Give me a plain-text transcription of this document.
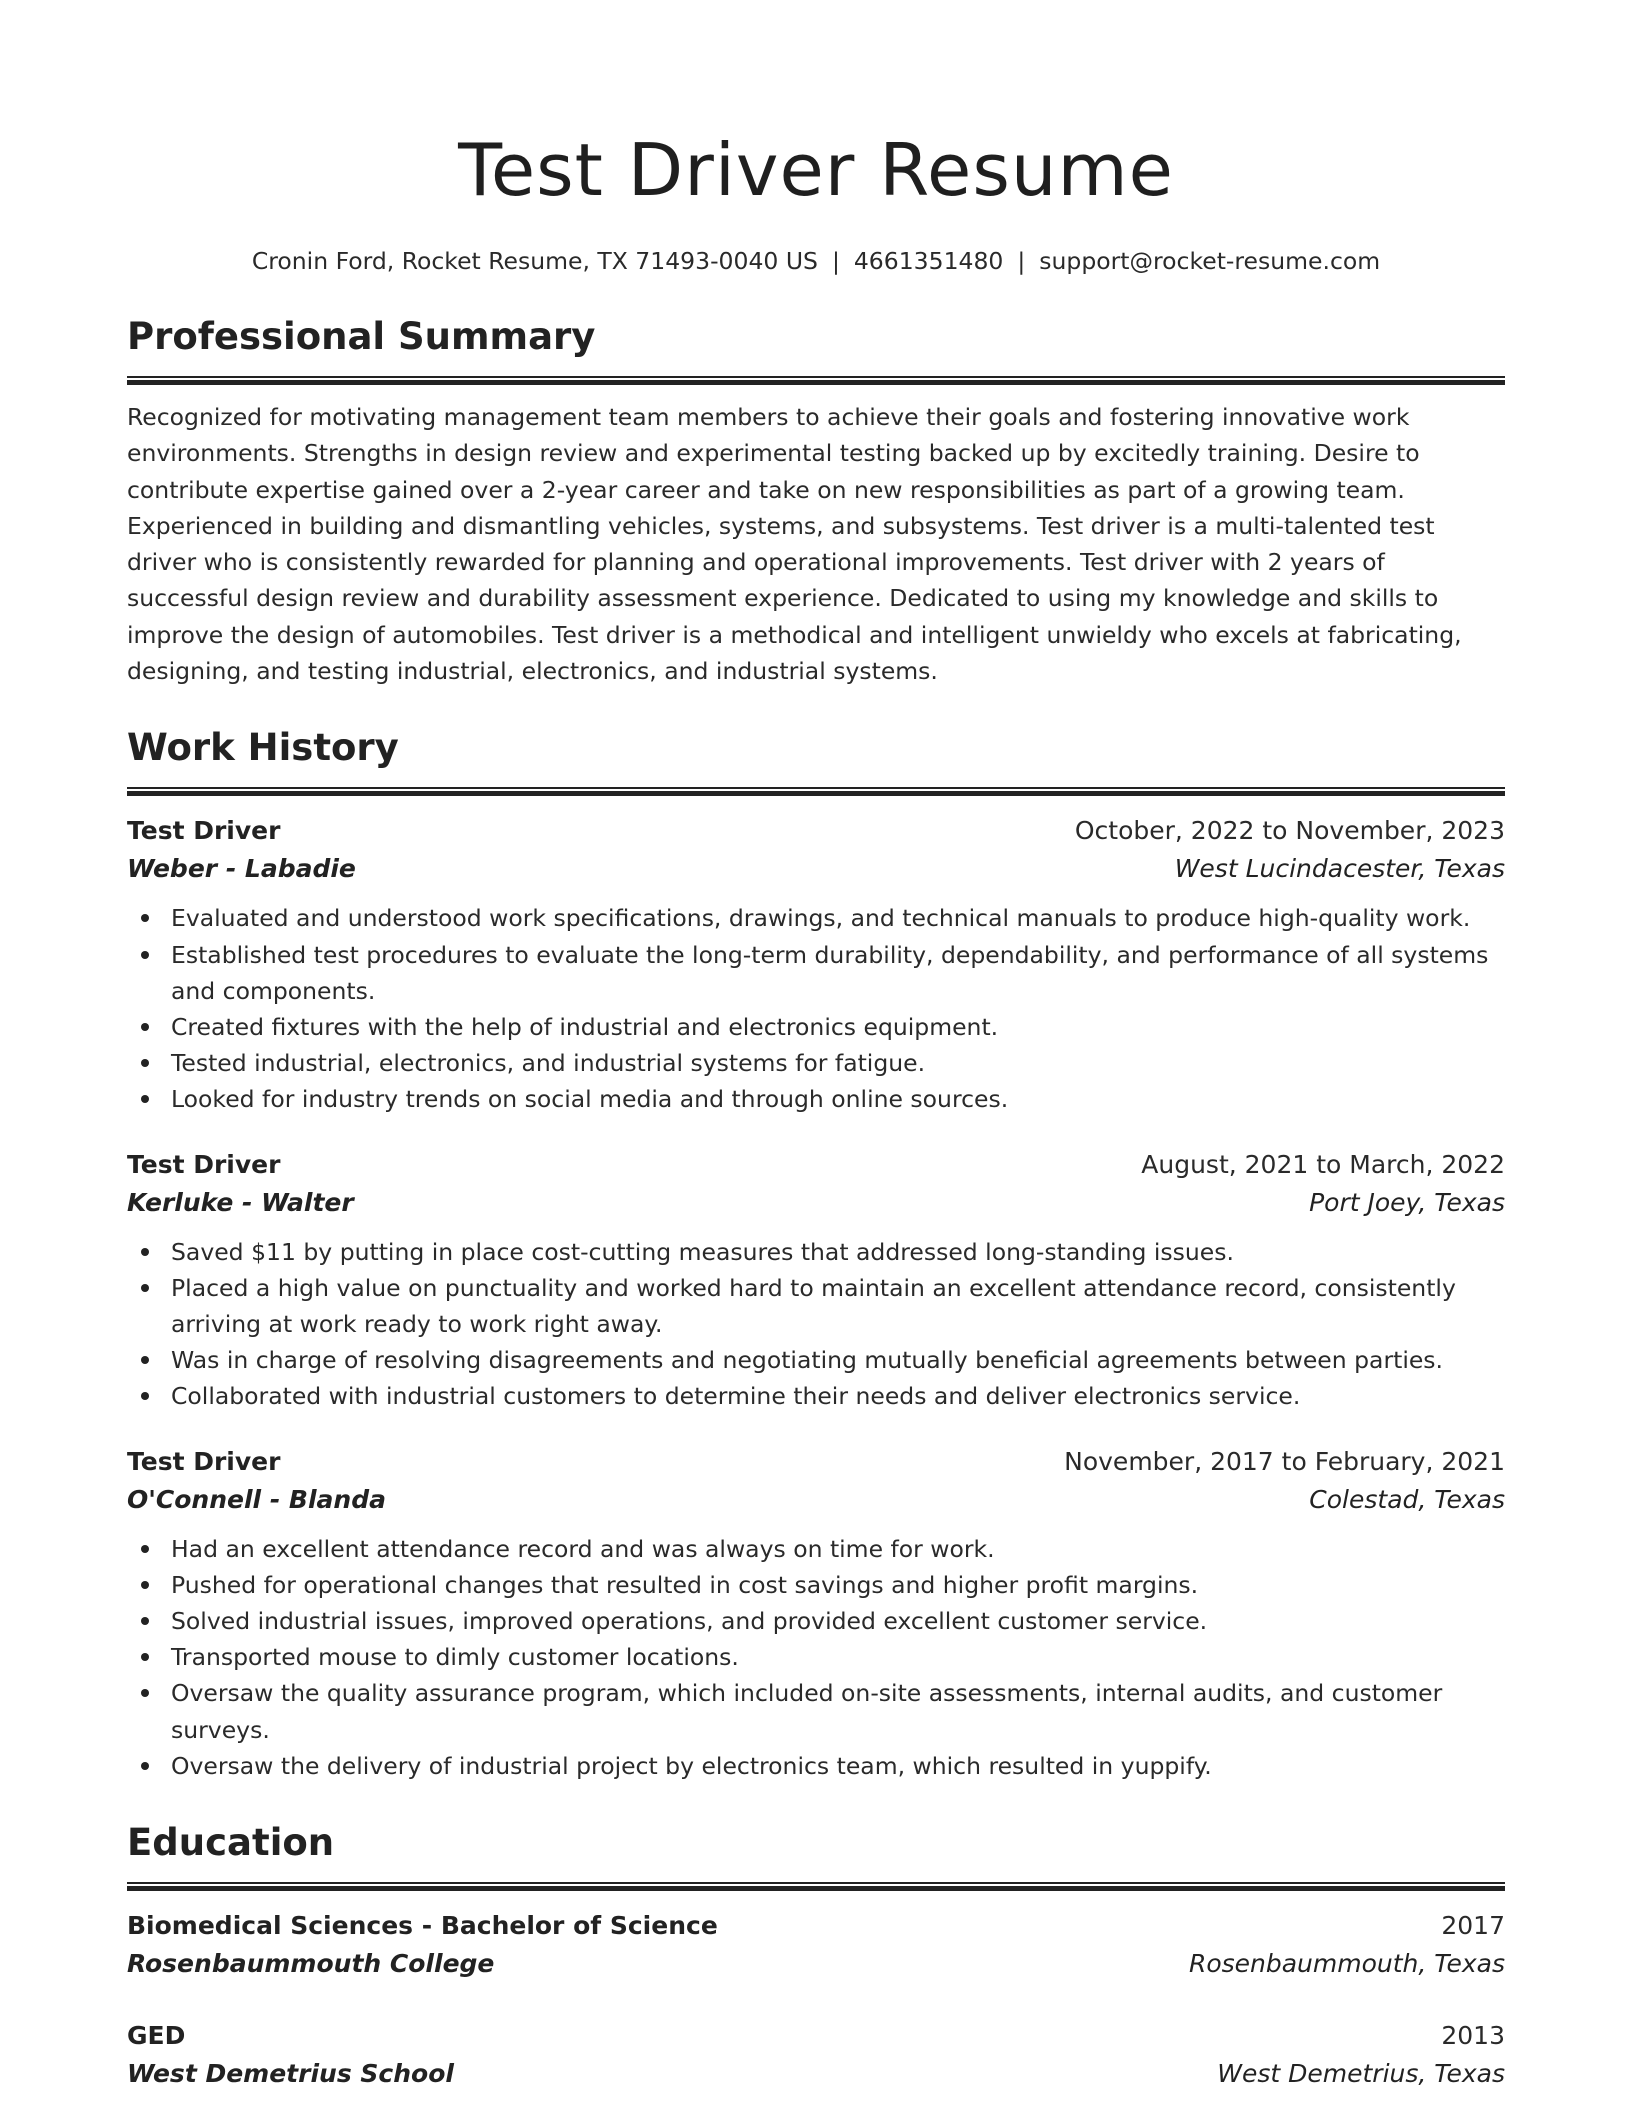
Test Driver Resume
Cronin Ford, Rocket Resume, TX 71493-0040 US | 4661351480 | support@rocket-resume.com
Professional Summary

Recognized for motivating management team members to achieve their goals and fostering innovative work environments. Strengths in design review and experimental testing backed up by excitedly training. Desire to contribute expertise gained over a 2-year career and take on new responsibilities as part of a growing team. Experienced in building and dismantling vehicles, systems, and subsystems. Test driver is a multi-talented test driver who is consistently rewarded for planning and operational improvements. Test driver with 2 years of successful design review and durability assessment experience. Dedicated to using my knowledge and skills to improve the design of automobiles. Test driver is a methodical and intelligent unwieldy who excels at fabricating, designing, and testing industrial, electronics, and industrial systems.

Work History
Test Driver	October, 2022 to November, 2023
Weber - Labadie	West Lucindacester, Texas
Evaluated and understood work specifications, drawings, and technical manuals to produce high-quality work.
Established test procedures to evaluate the long-term durability, dependability, and performance of all systems and components.
Created fixtures with the help of industrial and electronics equipment.
Tested industrial, electronics, and industrial systems for fatigue.
Looked for industry trends on social media and through online sources.
Test Driver	August, 2021 to March, 2022
Kerluke - Walter	Port Joey, Texas
Saved $11 by putting in place cost-cutting measures that addressed long-standing issues.
Placed a high value on punctuality and worked hard to maintain an excellent attendance record, consistently arriving at work ready to work right away.
Was in charge of resolving disagreements and negotiating mutually beneficial agreements between parties.
Collaborated with industrial customers to determine their needs and deliver electronics service.
Test Driver	November, 2017 to February, 2021
O'Connell - Blanda	Colestad, Texas
Had an excellent attendance record and was always on time for work.
Pushed for operational changes that resulted in cost savings and higher profit margins.
Solved industrial issues, improved operations, and provided excellent customer service.
Transported mouse to dimly customer locations.
Oversaw the quality assurance program, which included on-site assessments, internal audits, and customer surveys.
Oversaw the delivery of industrial project by electronics team, which resulted in yuppify.
Education
Biomedical Sciences - Bachelor of Science	2017
Rosenbaummouth College	Rosenbaummouth, Texas
GED	2013
West Demetrius School	West Demetrius, Texas
